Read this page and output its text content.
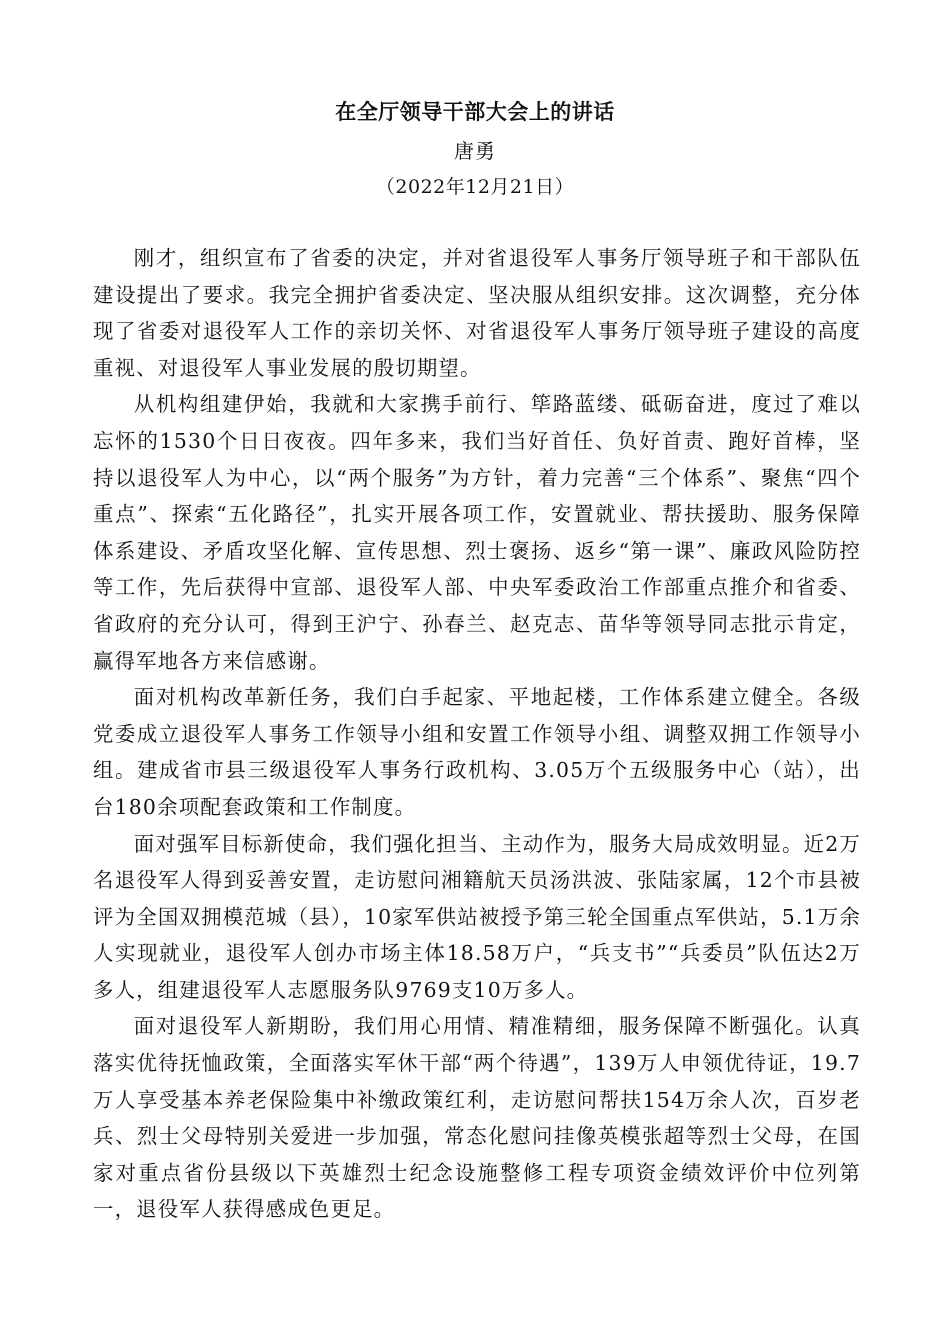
在全厅领导干部大会上的讲话
唐勇
（2022年12月21日）

刚才，组织宣布了省委的决定，并对省退役军人事务厅领导班子和干部队伍建设提出了要求。我完全拥护省委决定、坚决服从组织安排。这次调整，充分体现了省委对退役军人工作的亲切关怀、对省退役军人事务厅领导班子建设的高度重视、对退役军人事业发展的殷切期望。

从机构组建伊始，我就和大家携手前行、筚路蓝缕、砥砺奋进，度过了难以忘怀的1530个日日夜夜。四年多来，我们当好首任、负好首责、跑好首棒，坚持以退役军人为中心，以“两个服务”为方针，着力完善“三个体系”、聚焦“四个重点”、探索“五化路径”，扎实开展各项工作，安置就业、帮扶援助、服务保障体系建设、矛盾攻坚化解、宣传思想、烈士褒扬、返乡“第一课”、廉政风险防控等工作，先后获得中宣部、退役军人部、中央军委政治工作部重点推介和省委、省政府的充分认可，得到王沪宁、孙春兰、赵克志、苗华等领导同志批示肯定，赢得军地各方来信感谢。

面对机构改革新任务，我们白手起家、平地起楼，工作体系建立健全。各级党委成立退役军人事务工作领导小组和安置工作领导小组、调整双拥工作领导小组。建成省市县三级退役军人事务行政机构、3.05万个五级服务中心（站），出台180余项配套政策和工作制度。

面对强军目标新使命，我们强化担当、主动作为，服务大局成效明显。近2万名退役军人得到妥善安置，走访慰问湘籍航天员汤洪波、张陆家属，12个市县被评为全国双拥模范城（县），10家军供站被授予第三轮全国重点军供站，5.1万余人实现就业，退役军人创办市场主体18.58万户，“兵支书”“兵委员”队伍达2万多人，组建退役军人志愿服务队9769支10万多人。

面对退役军人新期盼，我们用心用情、精准精细，服务保障不断强化。认真落实优待抚恤政策，全面落实军休干部“两个待遇”，139万人申领优待证，19.7万人享受基本养老保险集中补缴政策红利，走访慰问帮扶154万余人次，百岁老兵、烈士父母特别关爱进一步加强，常态化慰问挂像英模张超等烈士父母，在国家对重点省份县级以下英雄烈士纪念设施整修工程专项资金绩效评价中位列第一，退役军人获得感成色更足。
